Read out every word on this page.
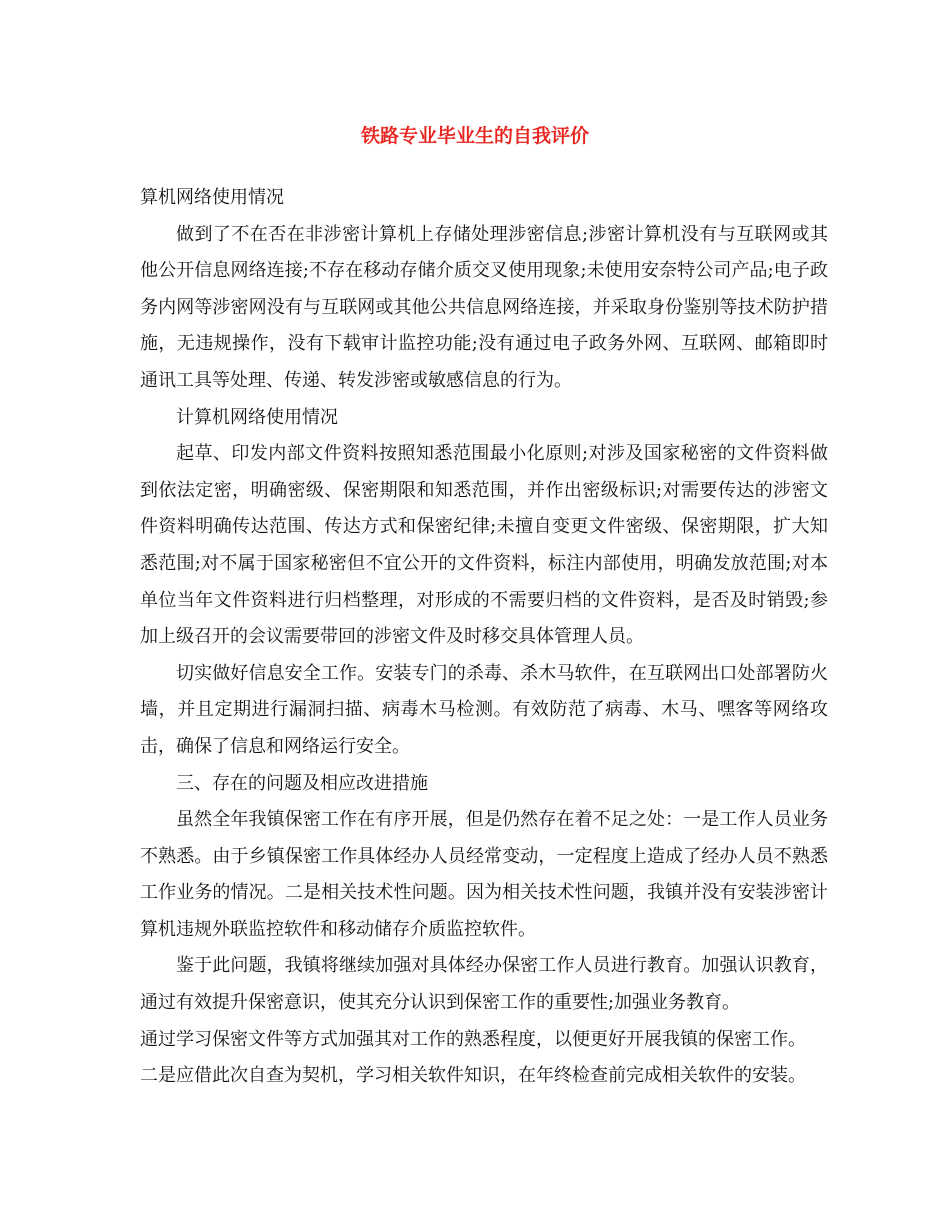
铁路专业毕业生的自我评价

算机网络使用情况

做到了不在否在非涉密计算机上存储处理涉密信息;涉密计算机没有与互联网或其他公开信息网络连接;不存在移动存储介质交叉使用现象;未使用安奈特公司产品;电子政务内网等涉密网没有与互联网或其他公共信息网络连接，并采取身份鉴别等技术防护措施，无违规操作，没有下载审计监控功能;没有通过电子政务外网、互联网、邮箱即时通讯工具等处理、传递、转发涉密或敏感信息的行为。

计算机网络使用情况

起草、印发内部文件资料按照知悉范围最小化原则;对涉及国家秘密的文件资料做到依法定密，明确密级、保密期限和知悉范围，并作出密级标识;对需要传达的涉密文件资料明确传达范围、传达方式和保密纪律;未擅自变更文件密级、保密期限，扩大知悉范围;对不属于国家秘密但不宜公开的文件资料，标注内部使用，明确发放范围;对本单位当年文件资料进行归档整理，对形成的不需要归档的文件资料，是否及时销毁;参加上级召开的会议需要带回的涉密文件及时移交具体管理人员。

切实做好信息安全工作。安装专门的杀毒、杀木马软件，在互联网出口处部署防火墙，并且定期进行漏洞扫描、病毒木马检测。有效防范了病毒、木马、嘿客等网络攻击，确保了信息和网络运行安全。

三、存在的问题及相应改进措施

虽然全年我镇保密工作在有序开展，但是仍然存在着不足之处：一是工作人员业务不熟悉。由于乡镇保密工作具体经办人员经常变动，一定程度上造成了经办人员不熟悉工作业务的情况。二是相关技术性问题。因为相关技术性问题，我镇并没有安装涉密计算机违规外联监控软件和移动储存介质监控软件。

鉴于此问题，我镇将继续加强对具体经办保密工作人员进行教育。加强认识教育，通过有效提升保密意识，使其充分认识到保密工作的重要性;加强业务教育。

通过学习保密文件等方式加强其对工作的熟悉程度，以便更好开展我镇的保密工作。

二是应借此次自查为契机，学习相关软件知识，在年终检查前完成相关软件的安装。
